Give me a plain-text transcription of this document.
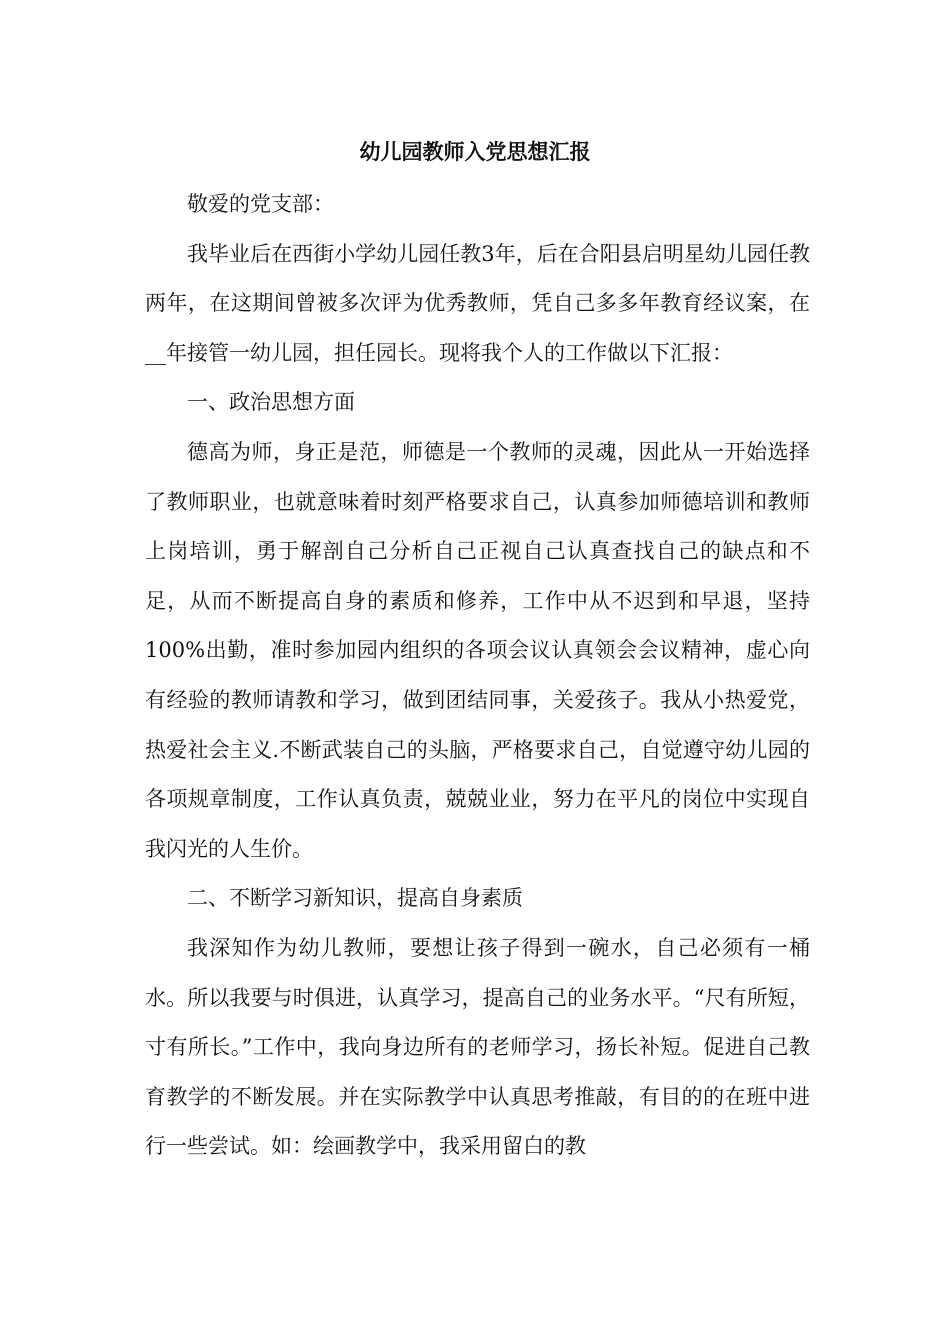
幼儿园教师入党思想汇报

敬爱的党支部：

我毕业后在西街小学幼儿园任教3年，后在合阳县启明星幼儿园任教两年，在这期间曾被多次评为优秀教师，凭自己多多年教育经议案，在__年接管一幼儿园，担任园长。现将我个人的工作做以下汇报：

一、政治思想方面

德高为师，身正是范，师德是一个教师的灵魂，因此从一开始选择了教师职业，也就意味着时刻严格要求自己，认真参加师德培训和教师上岗培训，勇于解剖自己分析自己正视自己认真查找自己的缺点和不足，从而不断提高自身的素质和修养，工作中从不迟到和早退，坚持100%出勤，准时参加园内组织的各项会议认真领会会议精神，虚心向有经验的教师请教和学习，做到团结同事，关爱孩子。我从小热爱党，热爱社会主义.不断武装自己的头脑，严格要求自己，自觉遵守幼儿园的各项规章制度，工作认真负责，兢兢业业，努力在平凡的岗位中实现自我闪光的人生价。

二、不断学习新知识，提高自身素质

我深知作为幼儿教师，要想让孩子得到一碗水，自己必须有一桶水。所以我要与时俱进，认真学习，提高自己的业务水平。“尺有所短，寸有所长。”工作中，我向身边所有的老师学习，扬长补短。促进自己教育教学的不断发展。并在实际教学中认真思考推敲，有目的的在班中进行一些尝试。如：绘画教学中，我采用留白的教
